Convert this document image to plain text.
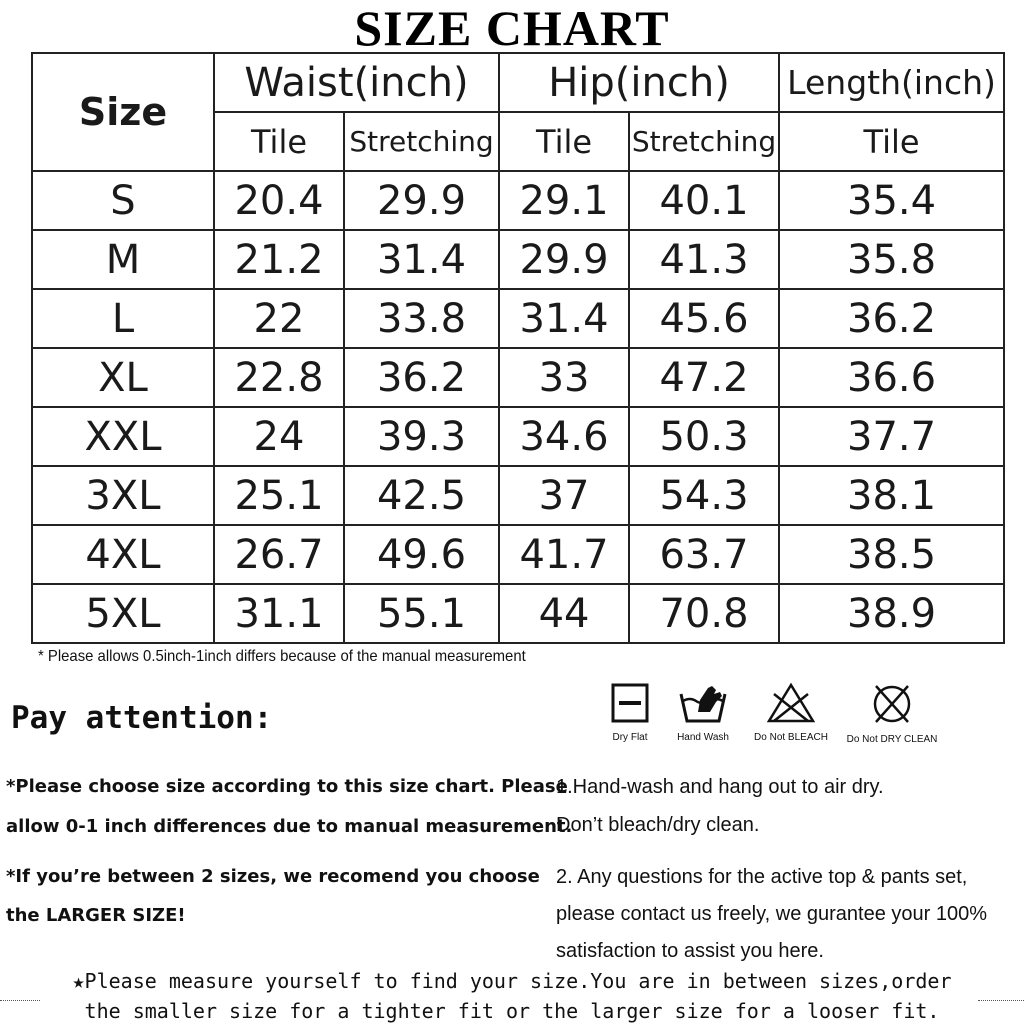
SIZE CHART
Size	Waist(inch)		Hip(inch)		Length(inch)
	Tile	Stretching	Tile	Stretching	Tile
S	20.4	29.9	29.1	40.1	35.4
M	21.2	31.4	29.9	41.3	35.8
L	22	33.8	31.4	45.6	36.2
XL	22.8	36.2	33	47.2	36.6
XXL	24	39.3	34.6	50.3	37.7
3XL	25.1	42.5	37	54.3	38.1
4XL	26.7	49.6	41.7	63.7	38.5
5XL	31.1	55.1	44	70.8	38.9
* Please allows 0.5inch-1inch differs because of the manual measurement
Pay attention:
Dry Flat	Hand Wash	Do Not BLEACH	Do Not DRY CLEAN
*Please choose size according to this size chart. Please
allow 0-1 inch differences due to manual measurement.
*If you’re between 2 sizes, we recomend you choose
the LARGER SIZE!
1.Hand-wash and hang out to air dry.
Don’t bleach/dry clean.
2. Any questions for the active top & pants set,
please contact us freely, we gurantee your 100%
satisfaction to assist you here.
★Please measure yourself to find your size.You are in between sizes,order
the smaller size for a tighter fit or the larger size for a looser fit.
